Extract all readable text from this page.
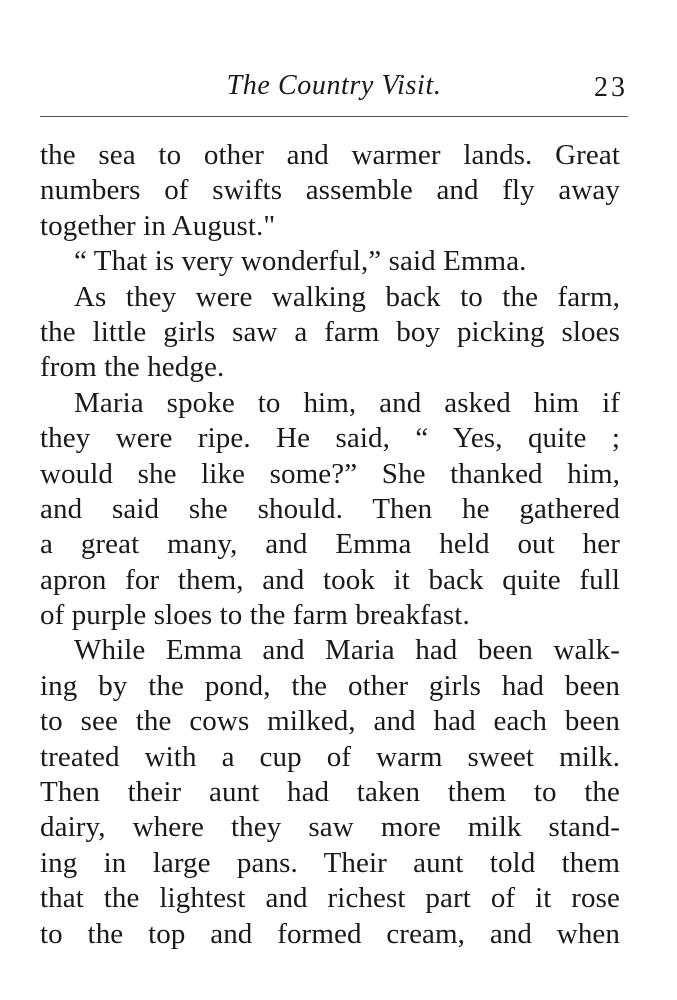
The Country Visit.	23
the sea to other and warmer lands. Great
numbers of swifts assemble and fly away
together in August."
“ That is very wonderful,” said Emma.
As they were walking back to the farm,
the little girls saw a farm boy picking sloes
from the hedge.
Maria spoke to him, and asked him if
they were ripe. He said, “ Yes, quite ;
would she like some?” She thanked him,
and said she should. Then he gathered
a great many, and Emma held out her
apron for them, and took it back quite full
of purple sloes to the farm breakfast.
While Emma and Maria had been walk-
ing by the pond, the other girls had been
to see the cows milked, and had each been
treated with a cup of warm sweet milk.
Then their aunt had taken them to the
dairy, where they saw more milk stand-
ing in large pans. Their aunt told them
that the lightest and richest part of it rose
to the top and formed cream, and when
